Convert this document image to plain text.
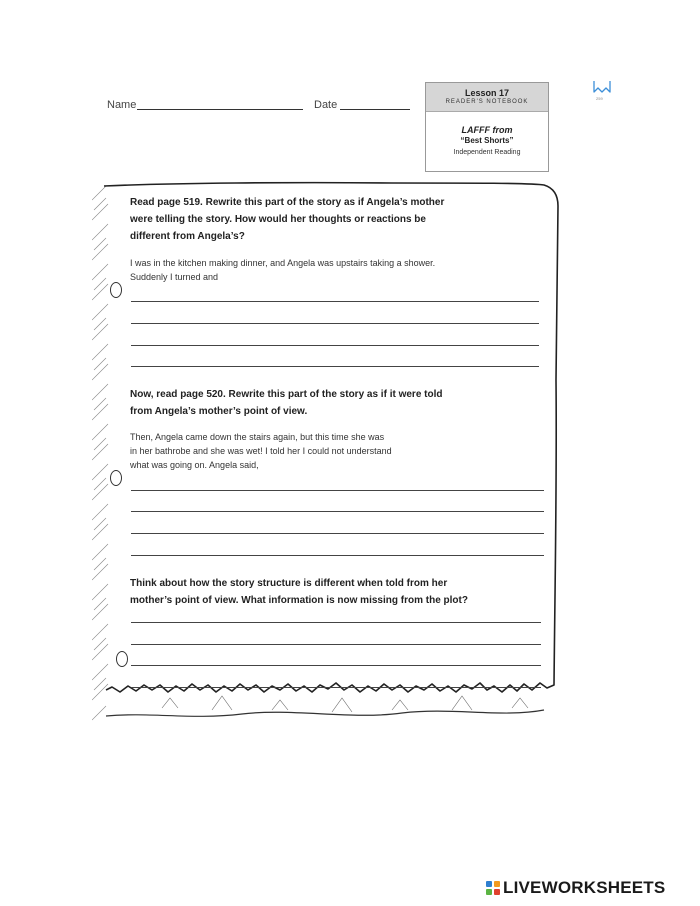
Name	Date
Lesson 17
READER'S NOTEBOOK
LAFFF from
“Best Shorts”
Independent Reading
259
Read page 519. Rewrite this part of the story as if Angela’s mother
were telling the story. How would her thoughts or reactions be
different from Angela’s?
I was in the kitchen making dinner, and Angela was upstairs taking a shower.
Suddenly I turned and
Now, read page 520. Rewrite this part of the story as if it were told
from Angela’s mother’s point of view.
Then, Angela came down the stairs again, but this time she was
in her bathrobe and she was wet! I told her I could not understand
what was going on. Angela said,
Think about how the story structure is different when told from her
mother’s point of view. What information is now missing from the plot?
LIVEWORKSHEETS
